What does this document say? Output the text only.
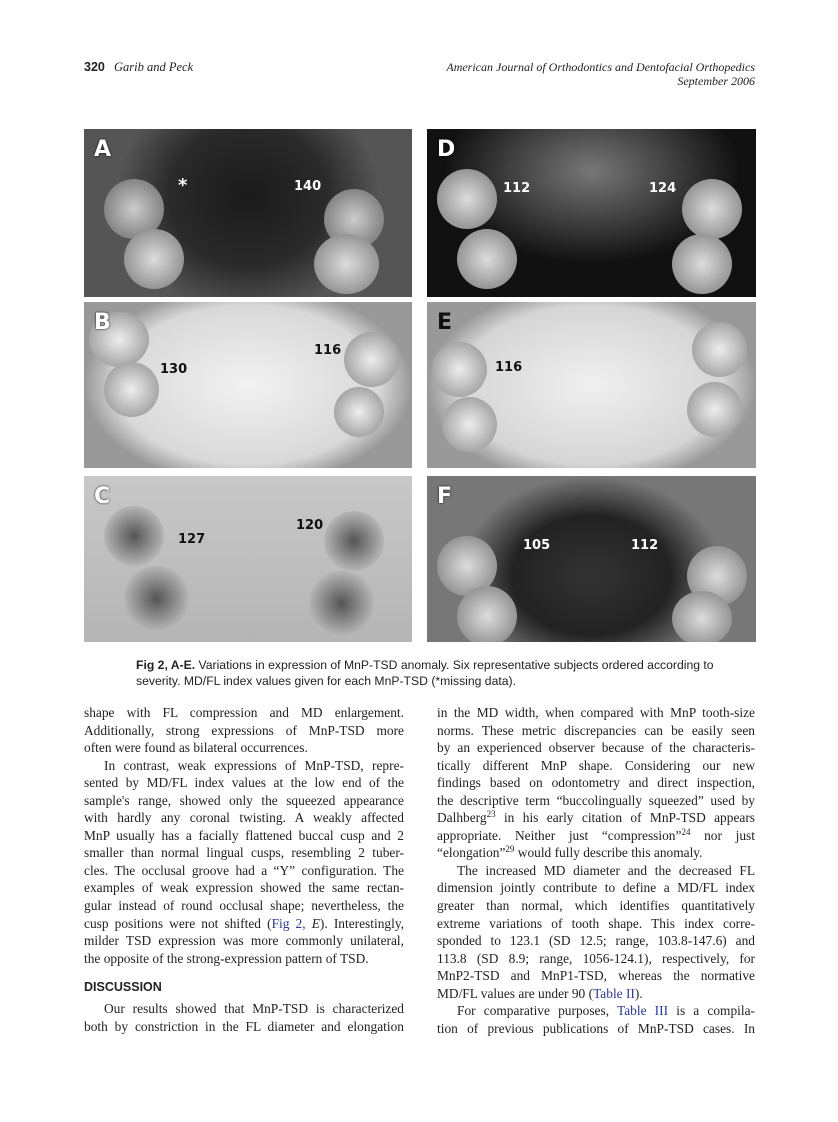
320 Garib and Peck	American Journal of Orthodontics and Dentofacial Orthopedics
September 2006
A
*	140
D
112	124
B
130
116
E
116
C
127
120
F
105	112
Fig 2, A-E. Variations in expression of MnP-TSD anomaly. Six representative subjects ordered according to severity. MD/FL index values given for each MnP-TSD (*missing data).
shape with FL compression and MD enlargement.
Additionally, strong expressions of MnP-TSD more
often were found as bilateral occurrences.
In contrast, weak expressions of MnP-TSD, repre-
sented by MD/FL index values at the low end of the
sample's range, showed only the squeezed appearance
with hardly any coronal twisting. A weakly affected
MnP usually has a facially flattened buccal cusp and 2
smaller than normal lingual cusps, resembling 2 tuber-
cles. The occlusal groove had a “Y” configuration. The
examples of weak expression showed the same rectan-
gular instead of round occlusal shape; nevertheless, the
cusp positions were not shifted (Fig 2, E). Interestingly,
milder TSD expression was more commonly unilateral,
the opposite of the strong-expression pattern of TSD.
DISCUSSION
Our results showed that MnP-TSD is characterized
both by constriction in the FL diameter and elongation
in the MD width, when compared with MnP tooth-size
norms. These metric discrepancies can be easily seen
by an experienced observer because of the characteris-
tically different MnP shape. Considering our new
findings based on odontometry and direct inspection,
the descriptive term “buccolingually squeezed” used by
Dalhberg$^{23}$ in his early citation of MnP-TSD appears
appropriate. Neither just “compression”$^{24}$ nor just
“elongation”$^{29}$ would fully describe this anomaly.
The increased MD diameter and the decreased FL
dimension jointly contribute to define a MD/FL index
greater than normal, which identifies quantitatively
extreme variations of tooth shape. This index corre-
sponded to 123.1 (SD 12.5; range, 103.8-147.6) and
113.8 (SD 8.9; range, 1056-124.1), respectively, for
MnP2-TSD and MnP1-TSD, whereas the normative
MD/FL values are under 90 (Table II).
For comparative purposes, Table III is a compila-
tion of previous publications of MnP-TSD cases. In
